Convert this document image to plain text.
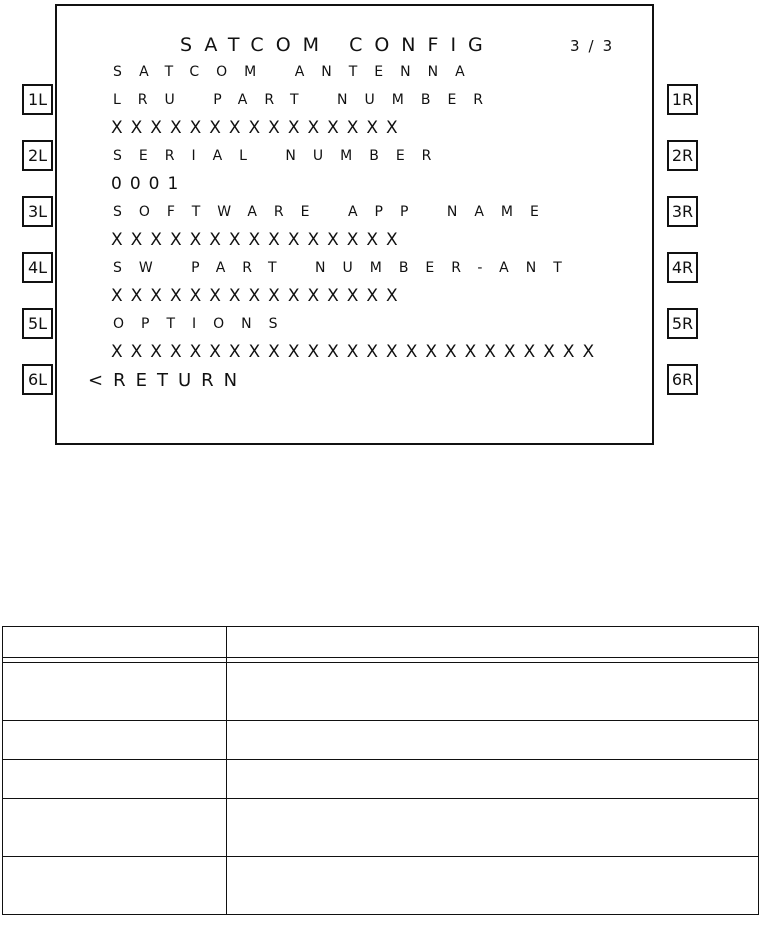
SATCOM CONFIG	3/3

SATCOM ANTENNA

LRU PART NUMBER

XXXXXXXXXXXXXXX

SERIAL NUMBER

0001

SOFTWARE APP NAME

XXXXXXXXXXXXXXX

SW PART NUMBER-ANT

XXXXXXXXXXXXXXX

OPTIONS

XXXXXXXXXXXXXXXXXXXXXXXXX

<RETURN

1L
2L
3L
4L
5L
6L
1R
2R
3R
4R
5R
6R
